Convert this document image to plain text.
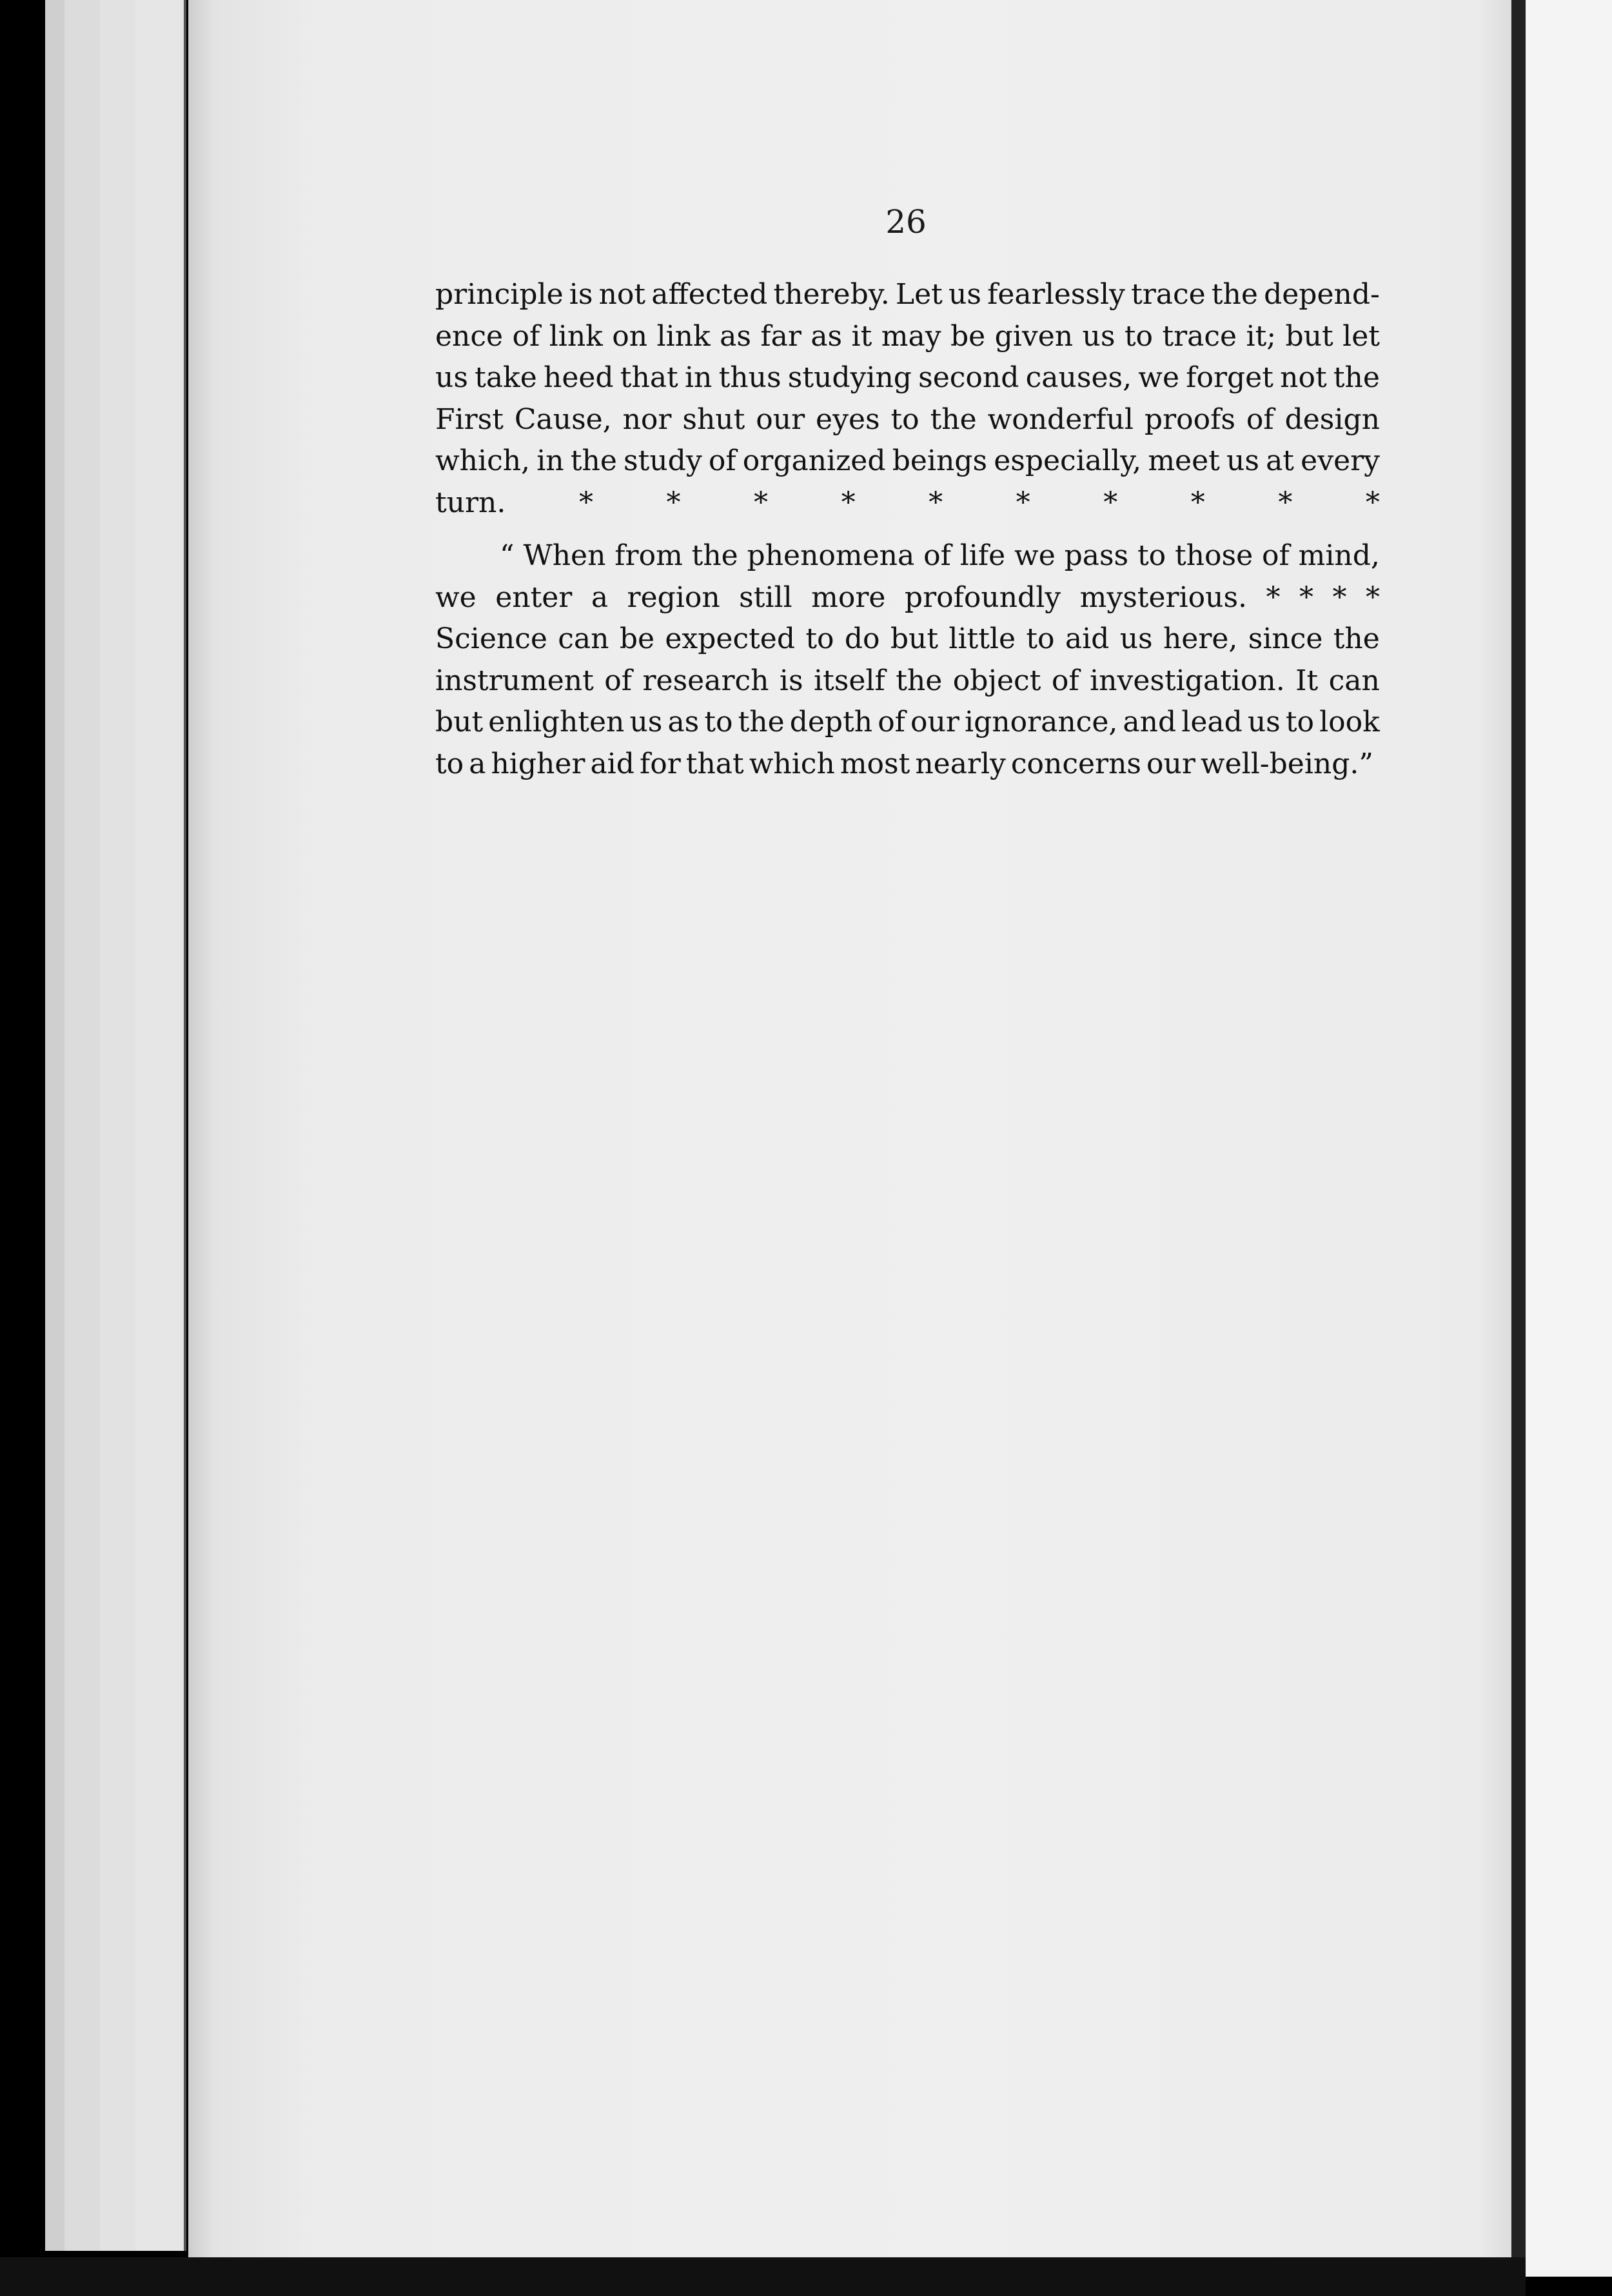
26
principle is not affected thereby. Let us fearlessly trace the depend-
ence of link on link as far as it may be given us to trace it; but let
us take heed that in thus studying second causes, we forget not the
First Cause, nor shut our eyes to the wonderful proofs of design
which, in the study of organized beings especially, meet us at every
turn.	*	*	*	*	*	*	*	*	*	*
“ When from the phenomena of life we pass to those of mind,
we enter a region still more profoundly mysterious. * * * *
Science can be expected to do but little to aid us here, since the
instrument of research is itself the object of investigation. It can
but enlighten us as to the depth of our ignorance, and lead us to look
to a higher aid for that which most nearly concerns our well-being.”
